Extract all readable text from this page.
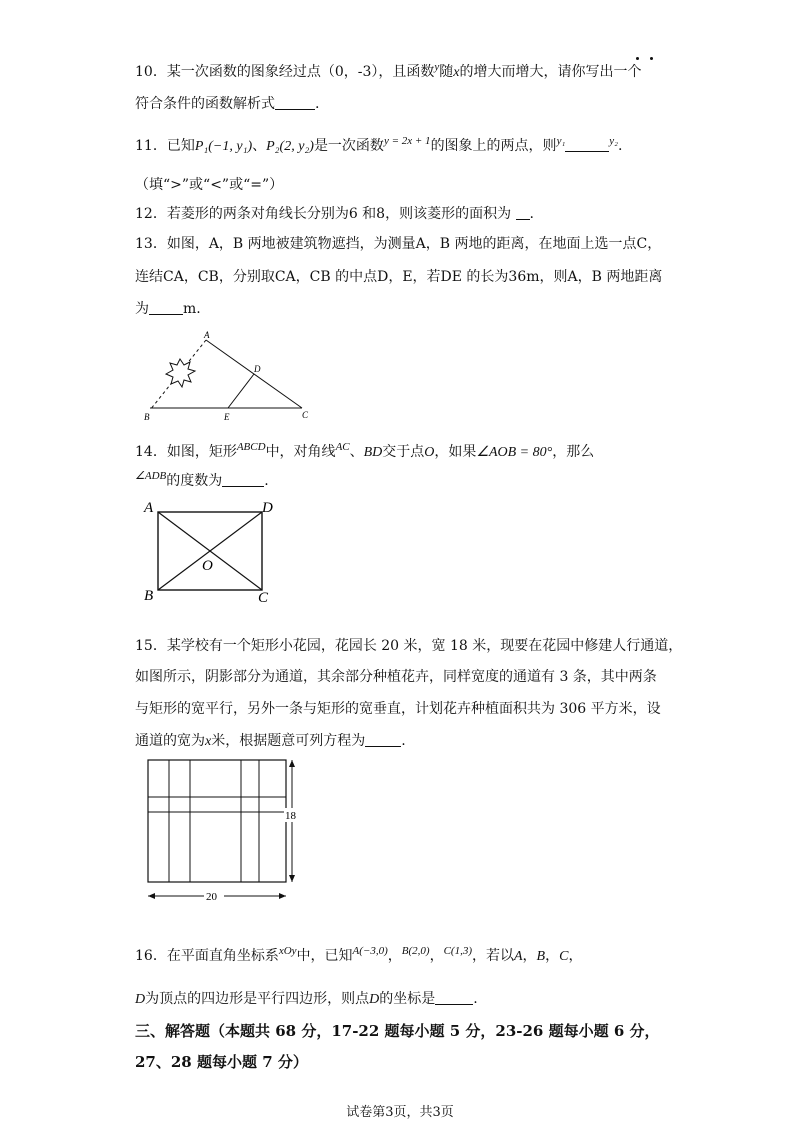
10．某一次函数的图象经过点（0，-3），且函数$^y$随x的增大而增大，请你写出一个
符合条件的函数解析式	.
11．已知P₁(−1, y₁)、P₂(2, y₂)是一次函数$^{y = 2x + 1}$的图象上的两点，则$^{y_1}$	$^{y_2}$.
（填“>”或“<”或“=”）
12．若菱形的两条对角线长分别为6 和8，则该菱形的面积为 .
13．如图，A，B 两地被建筑物遮挡，为测量A，B 两地的距离，在地面上选一点C，
连结CA，CB，分别取CA，CB 的中点D，E，若DE 的长为36m，则A，B 两地距离
为 m.
A
B	C
D
E
14．如图，矩形$^{ABCD}$中，对角线$^{AC}$、BD交于点O，如果∠AOB = 80°，那么
$^{\angle ADB}$的度数为	.
A	D
O
B	C
15．某学校有一个矩形小花园，花园长 20 米，宽 18 米，现要在花园中修建人行通道，
如图所示，阴影部分为通道，其余部分种植花卉，同样宽度的通道有 3 条，其中两条
与矩形的宽平行，另外一条与矩形的宽垂直，计划花卉种植面积共为 306 平方米，设
通道的宽为x米，根据题意可列方程为	.
18
20
16．在平面直角坐标系$^{xOy}$中，已知$^{A(-3,0)}$，$^{B(2,0)}$，$^{C(1,3)}$，若以A，B，C，
D为顶点的四边形是平行四边形，则点D的坐标是	.
三、解答题（本题共 68 分，17-22 题每小题 5 分，23-26 题每小题 6 分，
27、28 题每小题 7 分）
试卷第3页，共3页
